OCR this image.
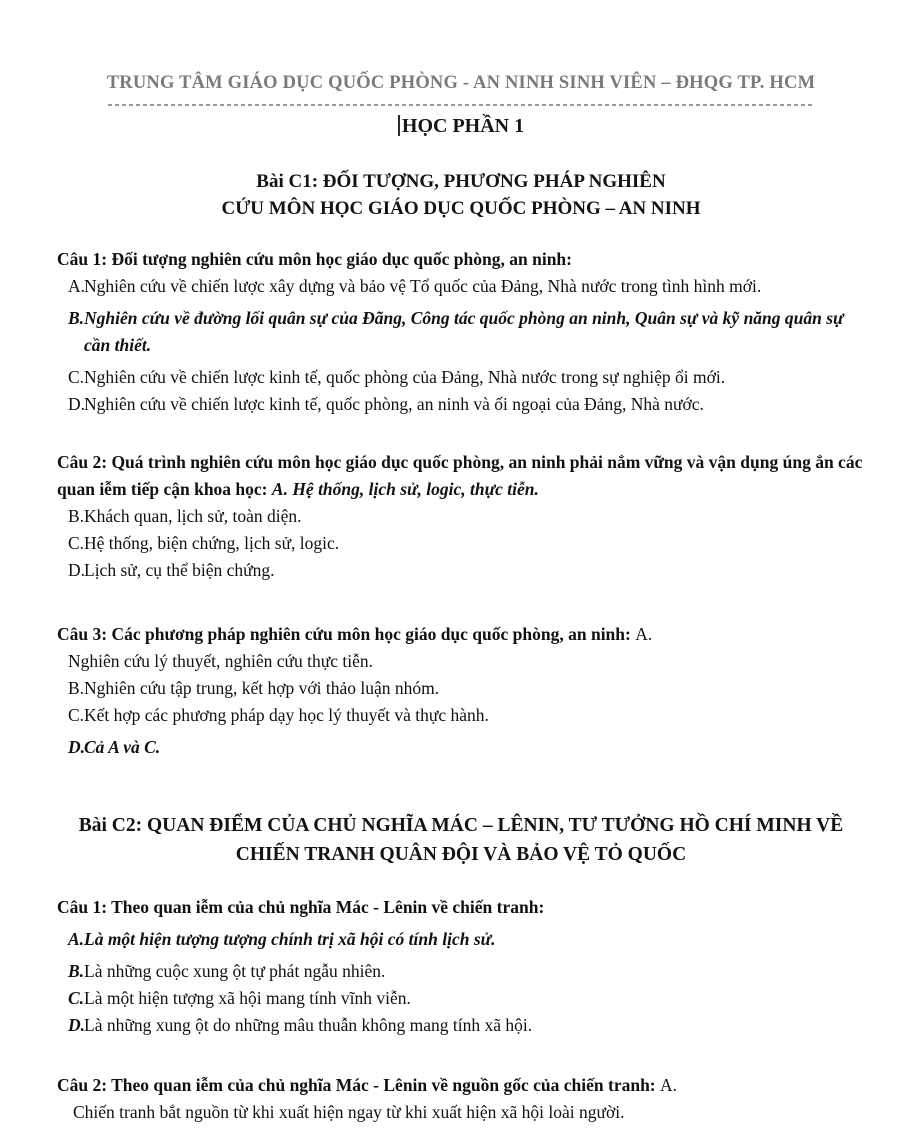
TRUNG TÂM GIÁO DỤC QUỐC PHÒNG - AN NINH SINH VIÊN – ĐHQG TP. HCM
HỌC PHẦN 1
Bài C1: ĐỐI TƯỢNG, PHƯƠNG PHÁP NGHIÊN
CỨU MÔN HỌC GIÁO DỤC QUỐC PHÒNG – AN NINH

Câu 1: Đối tượng nghiên cứu môn học giáo dục quốc phòng, an ninh:

A.
Nghiên cứu về chiến lược xây dựng và bảo vệ Tổ quốc của Đảng, Nhà nước trong tình hình mới.

B. Nghiên cứu về đường lối quân sự của Đãng, Công tác quốc phòng an ninh, Quân sự và kỹ năng quân sự cần thiết.

C. Nghiên cứu về chiến lược kinh tế, quốc phòng của Đảng, Nhà nước trong sự nghiệp ổi mới.

D.
Nghiên cứu về chiến lược kinh tế, quốc phòng, an ninh và ối ngoại của Đảng, Nhà nước.

Câu 2: Quá trình nghiên cứu môn học giáo dục quốc phòng, an ninh phải nắm vững và vận dụng úng ắn các quan iễm tiếp cận khoa học: A. Hệ thống, lịch sử, logic, thực tiễn.

B. Khách quan, lịch sử, toàn diện.

C. Hệ thống, biện chứng, lịch sử, logic.

D.
Lịch sử, cụ thể biện chứng.

Câu 3: Các phương pháp nghiên cứu môn học giáo dục quốc phòng, an ninh: A.

Nghiên cứu lý thuyết, nghiên cứu thực tiễn.

B. Nghiên cứu tập trung, kết hợp với thảo luận nhóm.

C. Kết hợp các phương pháp dạy học lý thuyết và thực hành.

D.
Cả A và C.

Bài C2: QUAN ĐIỂM CỦA CHỦ NGHĨA MÁC – LÊNIN, TƯ TƯỞNG HỒ CHÍ MINH VỀ
CHIẾN TRANH QUÂN ĐỘI VÀ BẢO VỆ TỎ QUỐC

Câu 1: Theo quan iễm của chủ nghĩa Mác - Lênin về chiến tranh:

A. Là một hiện tượng tượng chính trị xã hội có tính lịch sử.

B. Là những cuộc xung ột tự phát ngẫu nhiên.

C. Là một hiện tượng xã hội mang tính vĩnh viễn.

D.
Là những xung ột do những mâu thuẫn không mang tính xã hội.

Câu 2: Theo quan iễm của chủ nghĩa Mác - Lênin về nguồn gốc của chiến tranh: A.

Chiến tranh bắt nguồn từ khi xuất hiện ngay từ khi xuất hiện xã hội loài người.
